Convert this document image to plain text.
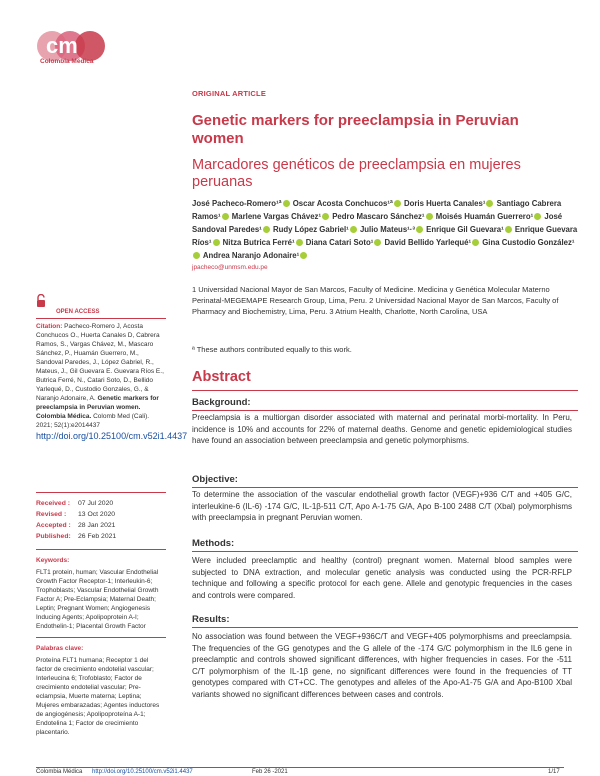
cm
Colombia Médica
ORIGINAL ARTICLE
Genetic markers for preeclampsia in Peruvian women
Marcadores genéticos de preeclampsia en mujeres peruanas
José Pacheco-Romero¹ª Oscar Acosta Conchucos¹ª Doris Huerta Canales¹ Santiago Cabrera Ramos¹ Marlene Vargas Chávez¹ Pedro Mascaro Sánchez¹ Moisés Huamán Guerrero¹ José Sandoval Paredes¹ Rudy López Gabriel¹ Julio Mateus¹·³ Enrique Gil Guevara¹ Enrique Guevara Ríos¹ Nitza Butrica Ferré¹ Diana Catari Soto¹ David Bellido Yarlequé¹ Gina Custodio González¹ Andrea Naranjo Adonaire¹
jpacheco@unmsm.edu.pe
1 Universidad Nacional Mayor de San Marcos, Faculty of Medicine. Medicina y Genética Molecular Materno Perinatal-MEGEMAPE Research Group, Lima, Peru. 2 Universidad Nacional Mayor de San Marcos, Faculty of Pharmacy and Biochemistry, Lima, Peru. 3 Atrium Health, Charlotte, North Carolina, USA
ª These authors contributed equally to this work.
Abstract
Background:
Preeclampsia is a multiorgan disorder associated with maternal and perinatal morbi-mortality. In Peru, incidence is 10% and accounts for 22% of maternal deaths. Genome and genetic epidemiological studies have found an association between preeclampsia and genetic polymorphisms.
Objective:
To determine the association of the vascular endothelial growth factor (VEGF)+936 C/T and +405 G/C, interleukine-6 (IL-6) -174 G/C, IL-1β-511 C/T, Apo A-1-75 G/A, Apo B-100 2488 C/T (Xbal) polymorphisms with preeclampsia in pregnant Peruvian women.
Methods:
Were included preeclamptic and healthy (control) pregnant women. Maternal blood samples were subjected to DNA extraction, and molecular genetic analysis was conducted using the PCR-RFLP technique and following a specific protocol for each gene. Allele and genotypic frequencies in the cases and controls were compared.
Results:
No association was found between the VEGF+936C/T and VEGF+405 polymorphisms and preeclampsia. The frequencies of the GG genotypes and the G allele of the -174 G/C polymorphism in the IL6 gene in preeclamptic and controls showed significant differences, with higher frequencies in cases. For the -511 C/T polymorphism of the IL-1β gene, no significant differences were found in the frequencies of TT genotypes compared with CT+CC. The genotypes and alleles of the Apo-A1-75 G/A and Apo-B100 Xbal variants showed no significant differences between cases and controls.
OPEN ACCESS
Citation: Pacheco-Romero J, Acosta Conchucos O., Huerta Canales D, Cabrera Ramos, S., Vargas Chávez, M., Mascaro Sánchez, P., Huamán Guerrero, M., Sandoval Paredes, J., López Gabriel, R., Mateus, J., Gil Guevara E. Guevara Ríos E., Butrica Ferré, N., Catari Soto, D., Bellido Yarlequé, D., Custodio Gonzales, G., & Naranjo Adonaire, A. Genetic markers for preeclampsia in Peruvian women. Colombia Médica. Colomb Med (Cali). 2021; 52(1):e2014437
http://doi.org/10.25100/cm.v52i1.4437
Received : 07 Jul 2020
Revised : 13 Oct 2020
Accepted : 28 Jan 2021
Published: 26 Feb 2021
Keywords:
FLT1 protein, human; Vascular Endothelial Growth Factor Receptor-1; Interleukin-6; Trophoblasts; Vascular Endothelial Growth Factor A; Pre-Eclampsia; Maternal Death; Leptin; Pregnant Women; Angiogenesis Inducing Agents; Apolipoprotein A-I; Endothelin-1; Placental Growth Factor
Palabras clave:
Proteína FLT1 humana; Receptor 1 del factor de crecimiento endotelial vascular; Interleucina 6; Trofoblasto; Factor de crecimiento endotelial vascular; Pre-eclampsia, Muerte materna; Leptina; Mujeres embarazadas; Agentes inductores de angiogénesis; Apolipoproteína A-1; Endotelina 1; Factor de crecimiento placentario.
Colombia Médica http://doi.org/10.25100/cm.v52i1.4437	Feb 26 -2021	1/17
